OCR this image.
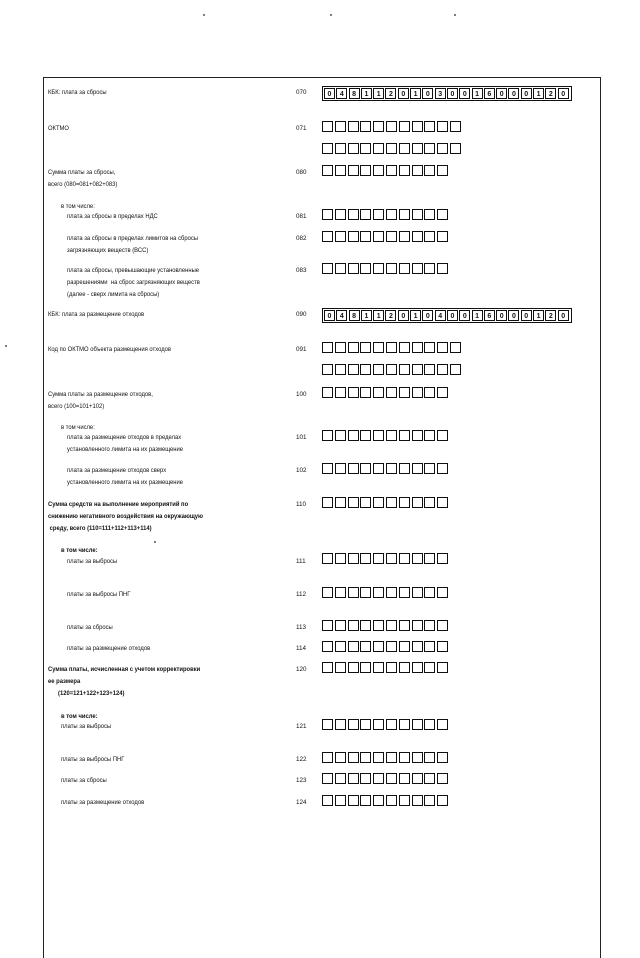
КБК: плата за сбросы	070	0	4	8	1	1	2	0	1	0	3	0	0	1	6	0	0	0	1	2	0
ОКТМО	071
Сумма платы за сбросы,
всего (080=081+082+083)
080
в том числе:
плата за сбросы в пределах НДС	081
плата за сбросы в пределах лимитов на сбросы
загрязняющих веществ (ВСС)
082
плата за сбросы, превышающие установленные
разрешениями  на сброс загрязняющих веществ
(далее - сверх лимита на сбросы)
083
КБК: плата за размещение отходов	090	0	4	8	1	1	2	0	1	0	4	0	0	1	6	0	0	0	1	2	0
Код по ОКТМО объекта размещения отходов	091
Сумма платы за размещение отходов,
всего (100=101+102)
100
в том числе:
плата за размещение отходов в пределах
установленного лимита на их размещение
101
плата за размещение отходов сверх
установленного лимита на их размещение
102
Сумма средств на выполнение мероприятий по
снижению негативного воздействия на окружающую
среду, всего (110=111+112+113+114)
110
в том числе:
платы за выбросы	111
платы за выбросы ПНГ	112
платы за сбросы	113
платы за размещение отходов	114
Сумма платы, исчисленная с учетом корректировки
ее размера
(120=121+122+123+124)
120
в том числе:
платы за выбросы	121
платы за выбросы ПНГ	122
платы за сбросы	123
платы за размещение отходов	124
